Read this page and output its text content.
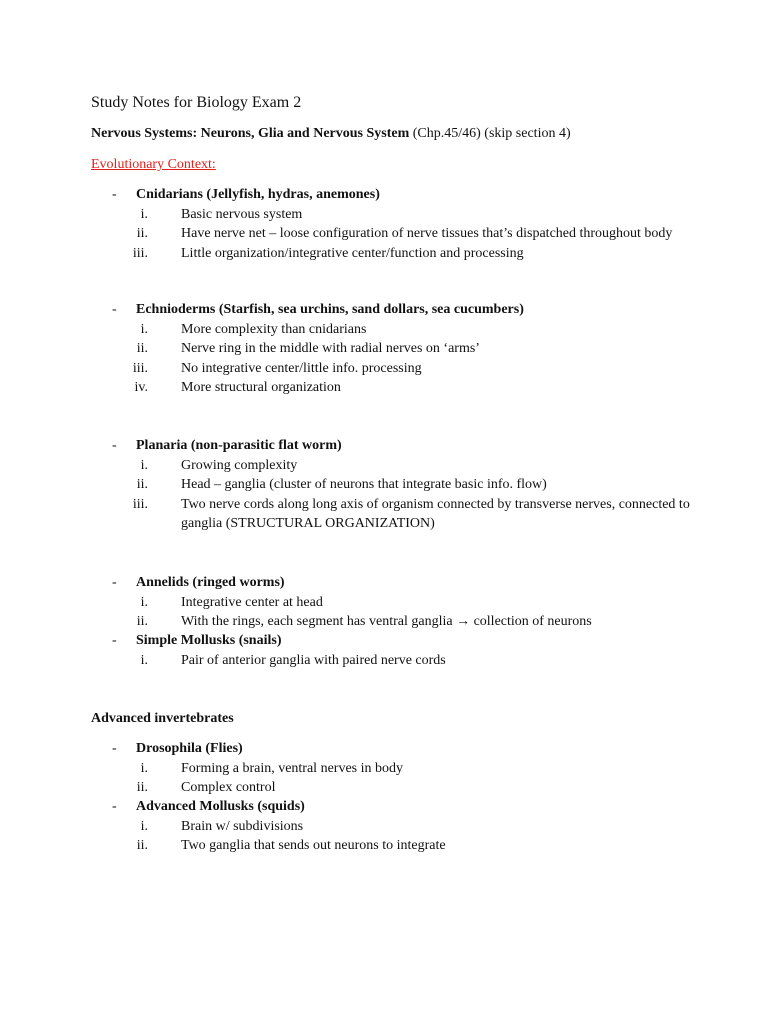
Study Notes for Biology Exam 2
Nervous Systems: Neurons, Glia and Nervous System (Chp.45/46) (skip section 4)
Evolutionary Context:
- Cnidarians (Jellyfish, hydras, anemones)
i. Basic nervous system
ii. Have nerve net – loose configuration of nerve tissues that’s dispatched throughout body
iii. Little organization/integrative center/function and processing
- Echnioderms (Starfish, sea urchins, sand dollars, sea cucumbers)
i. More complexity than cnidarians
ii. Nerve ring in the middle with radial nerves on ‘arms’
iii. No integrative center/little info. processing
iv. More structural organization
- Planaria (non-parasitic flat worm)
i. Growing complexity
ii. Head – ganglia (cluster of neurons that integrate basic info. flow)
iii. Two nerve cords along long axis of organism connected by transverse nerves, connected to ganglia (STRUCTURAL ORGANIZATION)
- Annelids (ringed worms)
i. Integrative center at head
ii. With the rings, each segment has ventral ganglia → collection of neurons
- Simple Mollusks (snails)
i. Pair of anterior ganglia with paired nerve cords
Advanced invertebrates
- Drosophila (Flies)
i. Forming a brain, ventral nerves in body
ii. Complex control
- Advanced Mollusks (squids)
i. Brain w/ subdivisions
ii. Two ganglia that sends out neurons to integrate
